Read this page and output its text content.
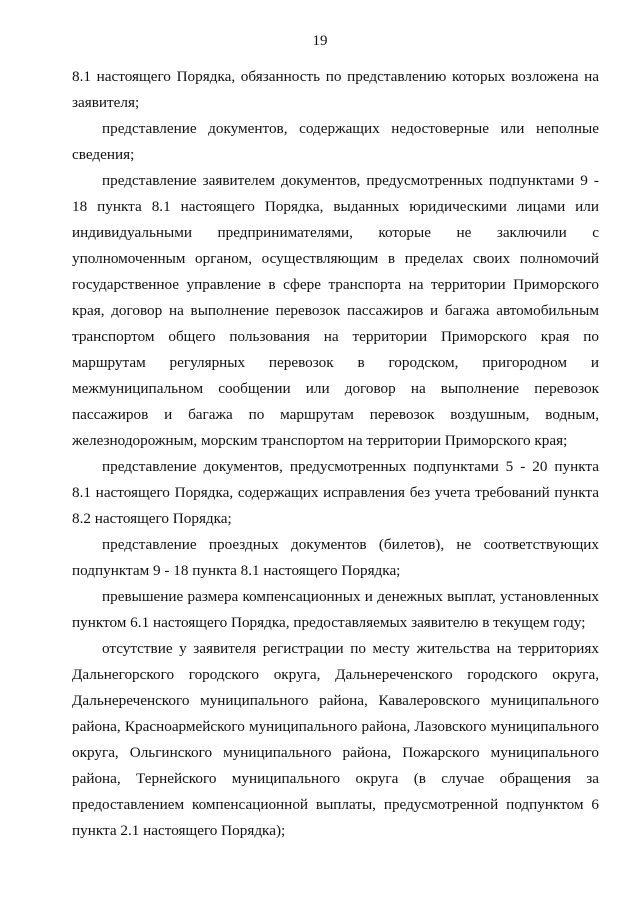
19

8.1 настоящего Порядка, обязанность по представлению которых возложена на заявителя;

представление документов, содержащих недостоверные или неполные сведения;

представление заявителем документов, предусмотренных подпунктами 9 - 18 пункта 8.1 настоящего Порядка, выданных юридическими лицами или индивидуальными предпринимателями, которые не заключили с уполномоченным органом, осуществляющим в пределах своих полномочий государственное управление в сфере транспорта на территории Приморского края, договор на выполнение перевозок пассажиров и багажа автомобильным транспортом общего пользования на территории Приморского края по маршрутам регулярных перевозок в городском, пригородном и межмуниципальном сообщении или договор на выполнение перевозок пассажиров и багажа по маршрутам перевозок воздушным, водным, железнодорожным, морским транспортом на территории Приморского края;

представление документов, предусмотренных подпунктами 5 - 20 пункта 8.1 настоящего Порядка, содержащих исправления без учета требований пункта 8.2 настоящего Порядка;

представление проездных документов (билетов), не соответствующих подпунктам 9 - 18 пункта 8.1 настоящего Порядка;

превышение размера компенсационных и денежных выплат, установленных пунктом 6.1 настоящего Порядка, предоставляемых заявителю в текущем году;

отсутствие у заявителя регистрации по месту жительства на территориях Дальнегорского городского округа, Дальнереченского городского округа, Дальнереченского муниципального района, Кавалеровского муниципального района, Красноармейского муниципального района, Лазовского муниципального округа, Ольгинского муниципального района, Пожарского муниципального района, Тернейского муниципального округа (в случае обращения за предоставлением компенсационной выплаты, предусмотренной подпунктом 6 пункта 2.1 настоящего Порядка);
